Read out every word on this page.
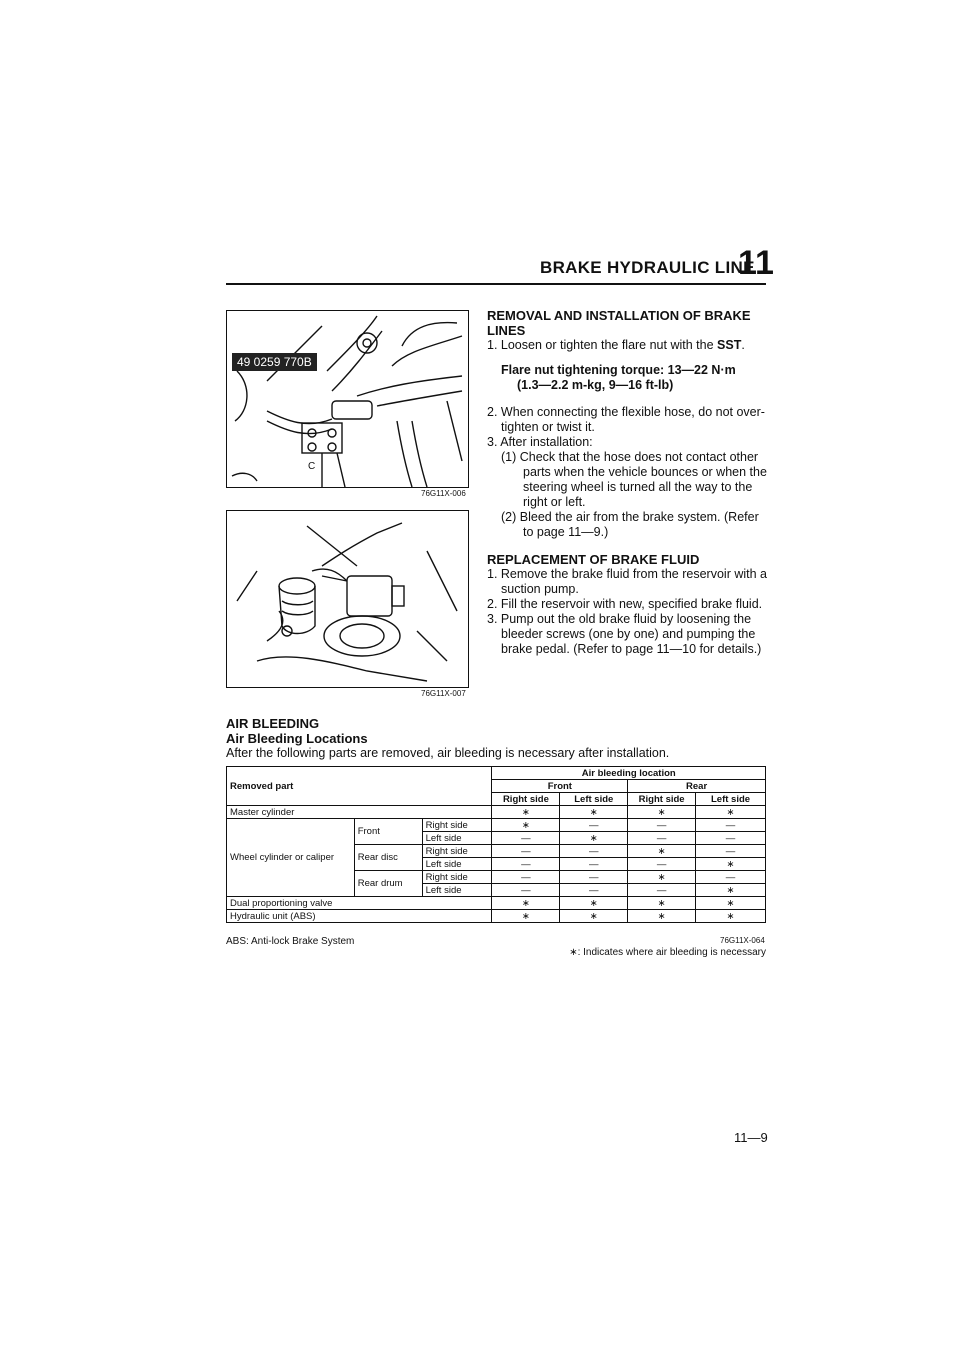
BRAKE HYDRAULIC LINE
11
49 0259 770B
C
76G11X-006
76G11X-007
REMOVAL AND INSTALLATION OF BRAKE LINES
1. Loosen or tighten the flare nut with the SST.
Flare nut tightening torque: 13—22 N·m
(1.3—2.2 m-kg, 9—16 ft-lb)

2. When connecting the flexible hose, do not over-tighten or twist it.

3. After installation:

(1) Check that the hose does not contact other parts when the vehicle bounces or when the steering wheel is turned all the way to the right or left.

(2) Bleed the air from the brake system. (Refer to page 11—9.)

REPLACEMENT OF BRAKE FLUID

1. Remove the brake fluid from the reservoir with a suction pump.

2. Fill the reservoir with new, specified brake fluid.

3. Pump out the old brake fluid by loosening the bleeder screws (one by one) and pumping the brake pedal. (Refer to page 11—10 for details.)

AIR BLEEDING
Air Bleeding Locations
After the following parts are removed, air bleeding is necessary after installation.
Removed part			Air bleeding location			
			Front		Rear	
			Right side	Left side	Right side	Left side
Master cylinder			∗	∗	∗	∗
Wheel cylinder or caliper	Front	Right side	∗	—	—	—
		Left side	—	∗	—	—
	Rear disc	Right side	—	—	∗	—
		Left side	—	—	—	∗
	Rear drum	Right side	—	—	∗	—
		Left side	—	—	—	∗
Dual proportioning valve			∗	∗	∗	∗
Hydraulic unit (ABS)			∗	∗	∗	∗
ABS: Anti-lock Brake System	76G11X-064
∗: Indicates where air bleeding is necessary
11—9
